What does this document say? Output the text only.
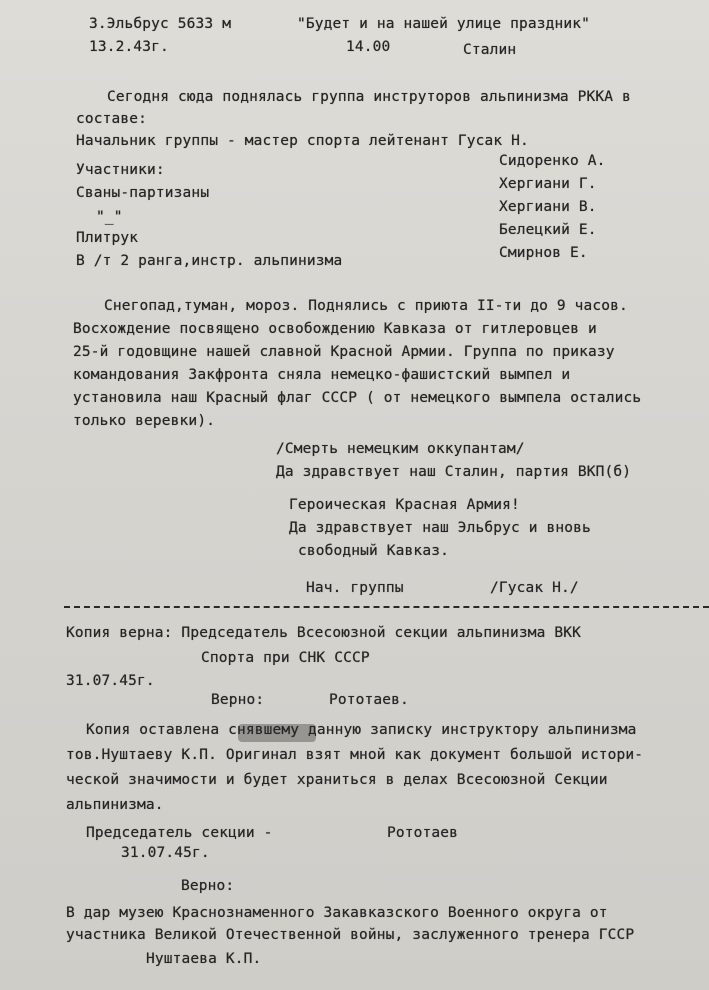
З.Эльбрус 5633 м	"Будет и на нашей улице праздник"
13.2.43г.	14.00	Сталин
Сегодня сюда поднялась группа инструторов альпинизма РККА в
составе:
Начальник группы - мастер спорта лейтенант Гусак Н.
Участники:
Сваны-партизаны
"_"
Плитрук
В /т 2 ранга,инстр. альпинизма
Сидоренко А.
Хергиани Г.
Хергиани В.
Белецкий Е.
Смирнов Е.
Снегопад,туман, мороз. Поднялись с приюта II-ти до 9 часов.
Восхождение посвящено освобождению Кавказа от гитлеровцев и
25-й годовщине нашей славной Красной Армии. Группа по приказу
командования Закфронта сняла немецко-фашистский вымпел и
установила наш Красный флаг СССР ( от немецкого вымпела остались
только веревки).
/Смерть немецким оккупантам/
Да здравствует наш Сталин, партия ВКП(б)
Героическая Красная Армия!
Да здравствует наш Эльбрус и вновь
свободный Кавказ.
Нач. группы	/Гусак Н./
Копия верна: Председатель Всесоюзной секции альпинизма ВКК
Спорта при СНК СССР
31.07.45г.
Верно:	Рототаев.
Копия оставлена снявшему данную записку инструктору альпинизма
тов.Нуштаеву К.П. Оригинал взят мной как документ большой истори-
ческой значимости и будет храниться в делах Всесоюзной Секции
альпинизма.
Председатель секции -	Рототаев
31.07.45г.
Верно:
В дар музею Краснознаменного Закавказского Военного округа от
участника Великой Отечественной войны, заслуженного тренера ГССР
Нуштаева К.П.
